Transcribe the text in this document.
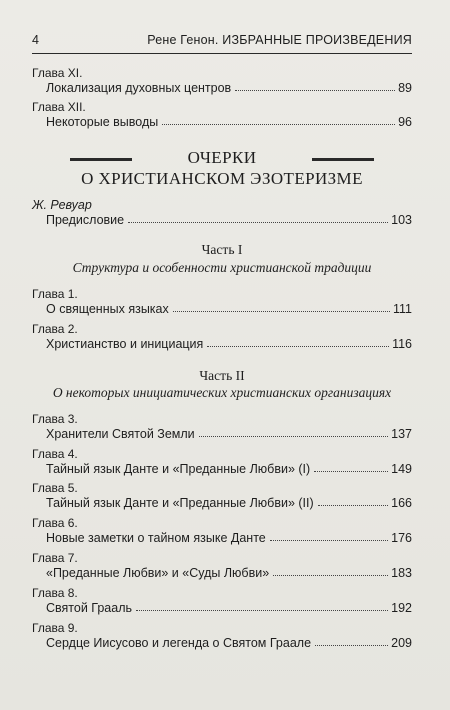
4	Рене Генон. ИЗБРАННЫЕ ПРОИЗВЕДЕНИЯ
Глава XI.
Локализация духовных центров	89
Глава XII.
Некоторые выводы	96
ОЧЕРКИ
О ХРИСТИАНСКОМ ЭЗОТЕРИЗМЕ
Ж. Ревуар
Предисловие	103
Часть I
Структура и особенности христианской традиции
Глава 1.
О священных языках	111
Глава 2.
Христианство и инициация	116
Часть II
О некоторых инициатических христианских организациях
Глава 3.
Хранители Святой Земли	137
Глава 4.
Тайный язык Данте и «Преданные Любви» (I)	149
Глава 5.
Тайный язык Данте и «Преданные Любви» (II)	166
Глава 6.
Новые заметки о тайном языке Данте	176
Глава 7.
«Преданные Любви» и «Суды Любви»	183
Глава 8.
Святой Грааль	192
Глава 9.
Сердце Иисусово и легенда о Святом Граале	209
